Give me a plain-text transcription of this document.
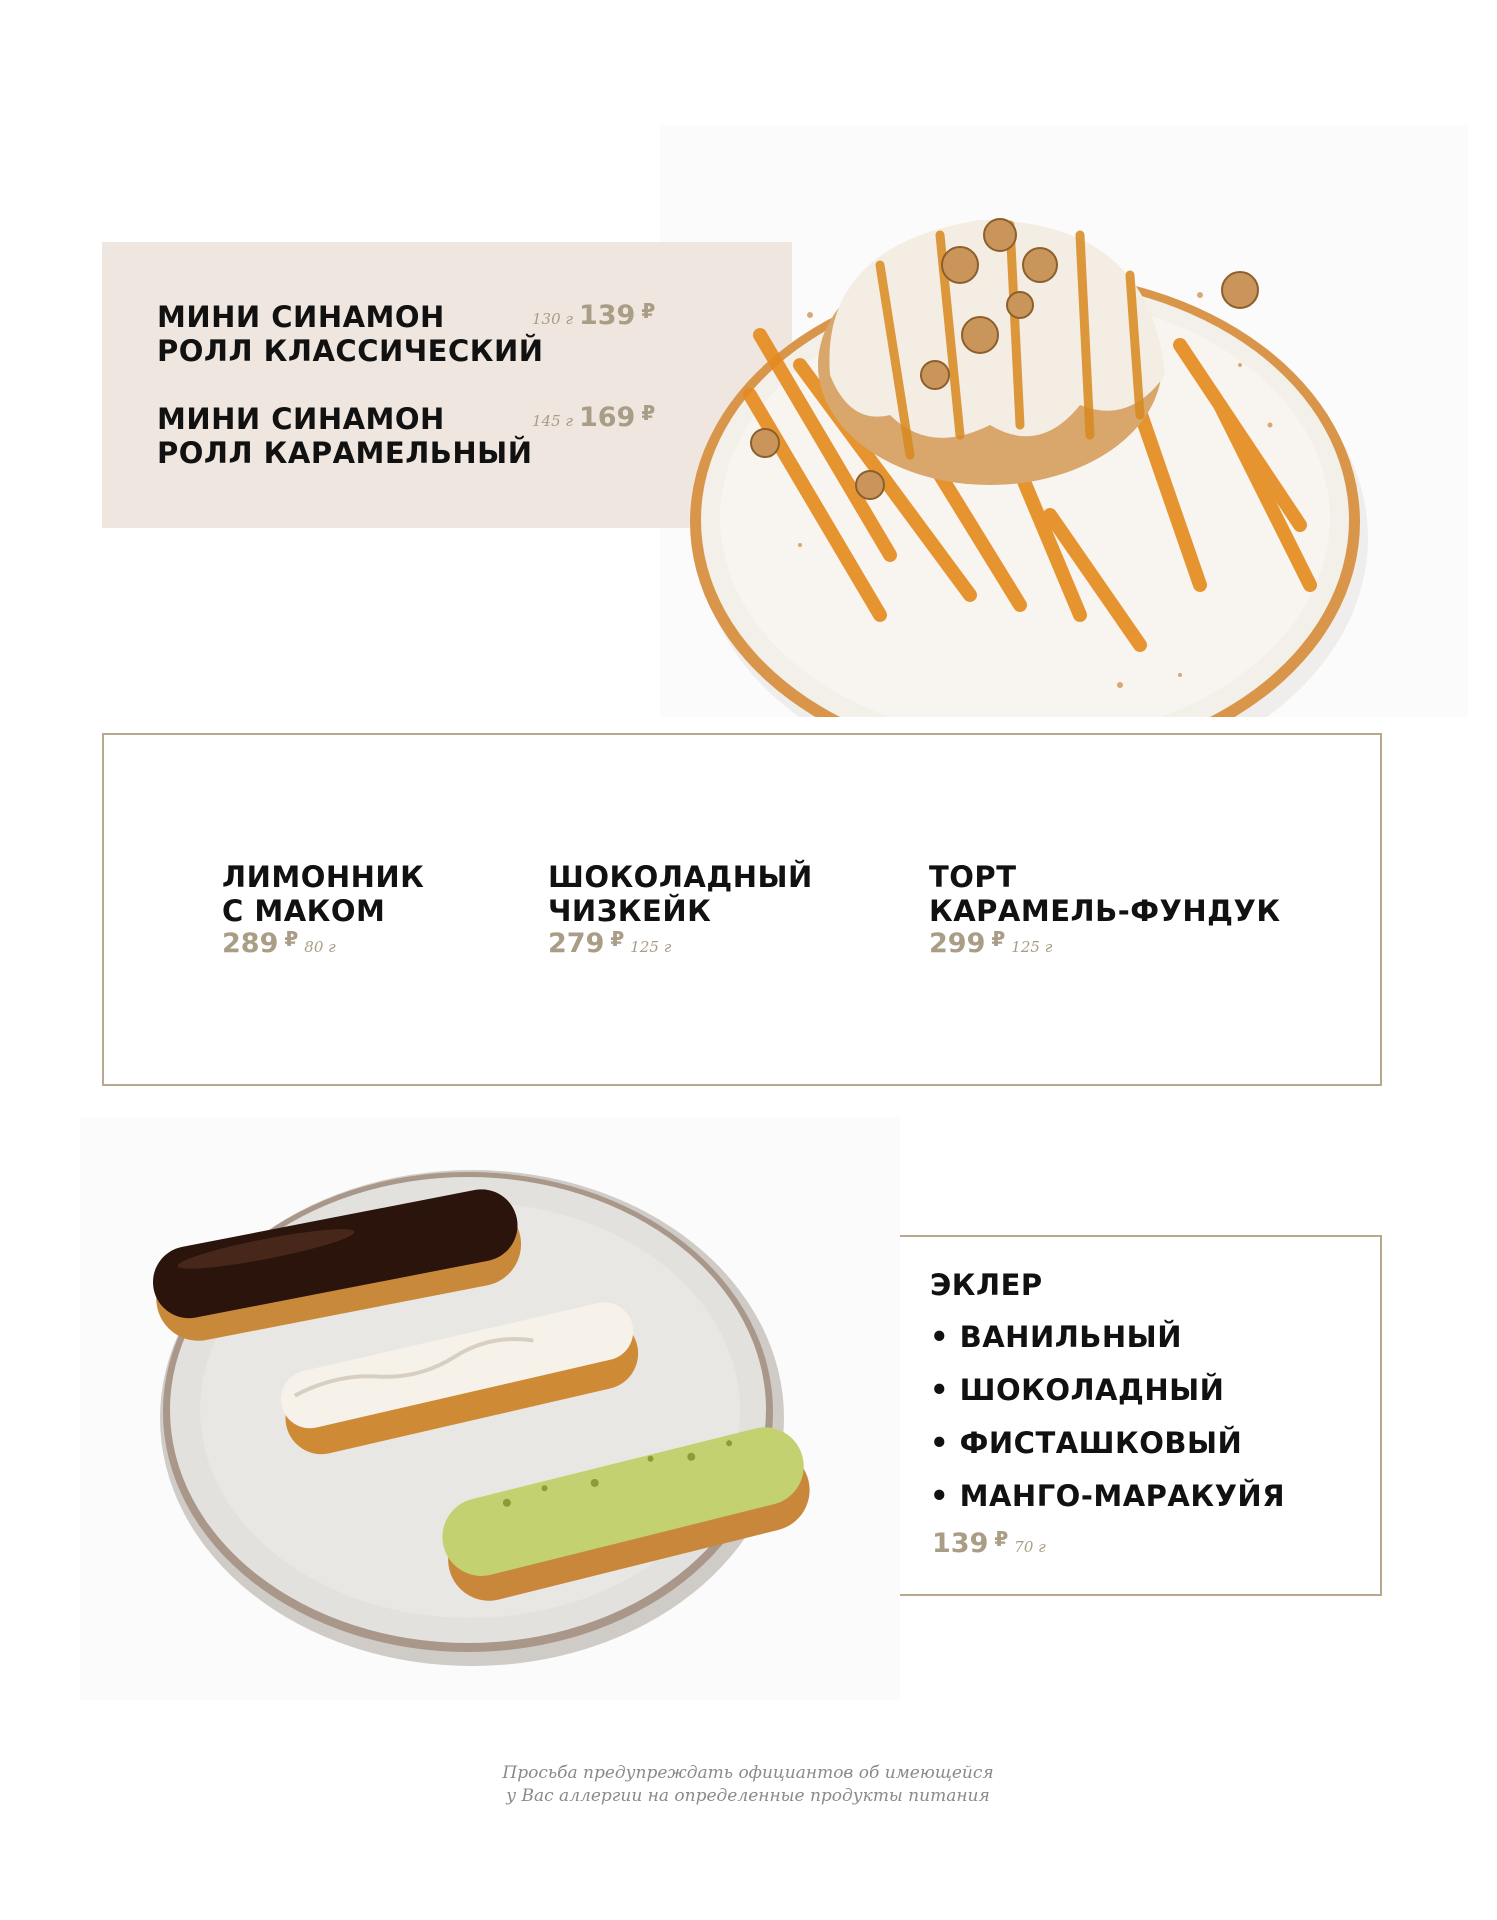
МИНИ СИНАМОН
РОЛЛ КЛАССИЧЕСКИЙ
130 г 139 ₽
МИНИ СИНАМОН
РОЛЛ КАРАМЕЛЬНЫЙ
145 г 169 ₽
ЛИМОННИК
С МАКОМ
289 ₽ 80 г
ШОКОЛАДНЫЙ
ЧИЗКЕЙК
279 ₽ 125 г
ТОРТ
КАРАМЕЛЬ-ФУНДУК
299 ₽ 125 г
ЭКЛЕР
• ВАНИЛЬНЫЙ
• ШОКОЛАДНЫЙ
• ФИСТАШКОВЫЙ
• МАНГО-МАРАКУЙЯ
139 ₽ 70 г
Просьба предупреждать официантов об имеющейся
у Вас аллергии на определенные продукты питания
